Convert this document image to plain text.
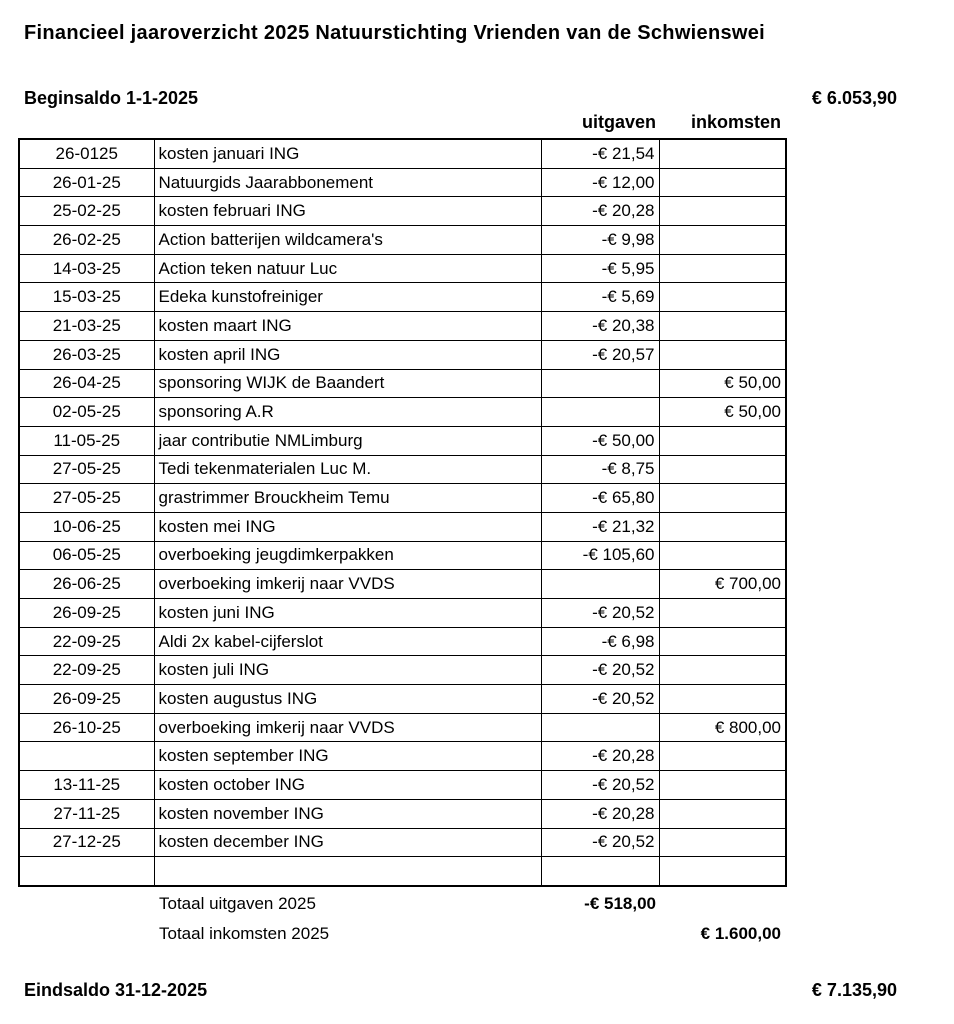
Financieel jaaroverzicht 2025 Natuurstichting Vrienden van de Schwienswei
Beginsaldo 1-1-2025	€ 6.053,90
uitgaven	inkomsten
26-0125	kosten januari ING	-€ 21,54	
26-01-25	Natuurgids Jaarabbonement	-€ 12,00	
25-02-25	kosten februari ING	-€ 20,28	
26-02-25	Action batterijen wildcamera's	-€ 9,98	
14-03-25	Action teken natuur Luc	-€ 5,95	
15-03-25	Edeka kunstofreiniger	-€ 5,69	
21-03-25	kosten maart ING	-€ 20,38	
26-03-25	kosten april ING	-€ 20,57	
26-04-25	sponsoring WIJK de Baandert		€ 50,00
02-05-25	sponsoring A.R		€ 50,00
11-05-25	jaar contributie NMLimburg	-€ 50,00	
27-05-25	Tedi tekenmaterialen Luc M.	-€ 8,75	
27-05-25	grastrimmer Brouckheim Temu	-€ 65,80	
10-06-25	kosten mei ING	-€ 21,32	
06-05-25	overboeking jeugdimkerpakken	-€ 105,60	
26-06-25	overboeking imkerij naar VVDS		€ 700,00
26-09-25	kosten juni ING	-€ 20,52	
22-09-25	Aldi 2x kabel-cijferslot	-€ 6,98	
22-09-25	kosten juli ING	-€ 20,52	
26-09-25	kosten augustus ING	-€ 20,52	
26-10-25	overboeking imkerij naar VVDS		€ 800,00
	kosten september ING	-€ 20,28	
13-11-25	kosten october ING	-€ 20,52	
27-11-25	kosten november ING	-€ 20,28	
27-12-25	kosten december ING	-€ 20,52	

Totaal uitgaven 2025	-€ 518,00
Totaal inkomsten 2025	€ 1.600,00
Eindsaldo 31-12-2025	€ 7.135,90
